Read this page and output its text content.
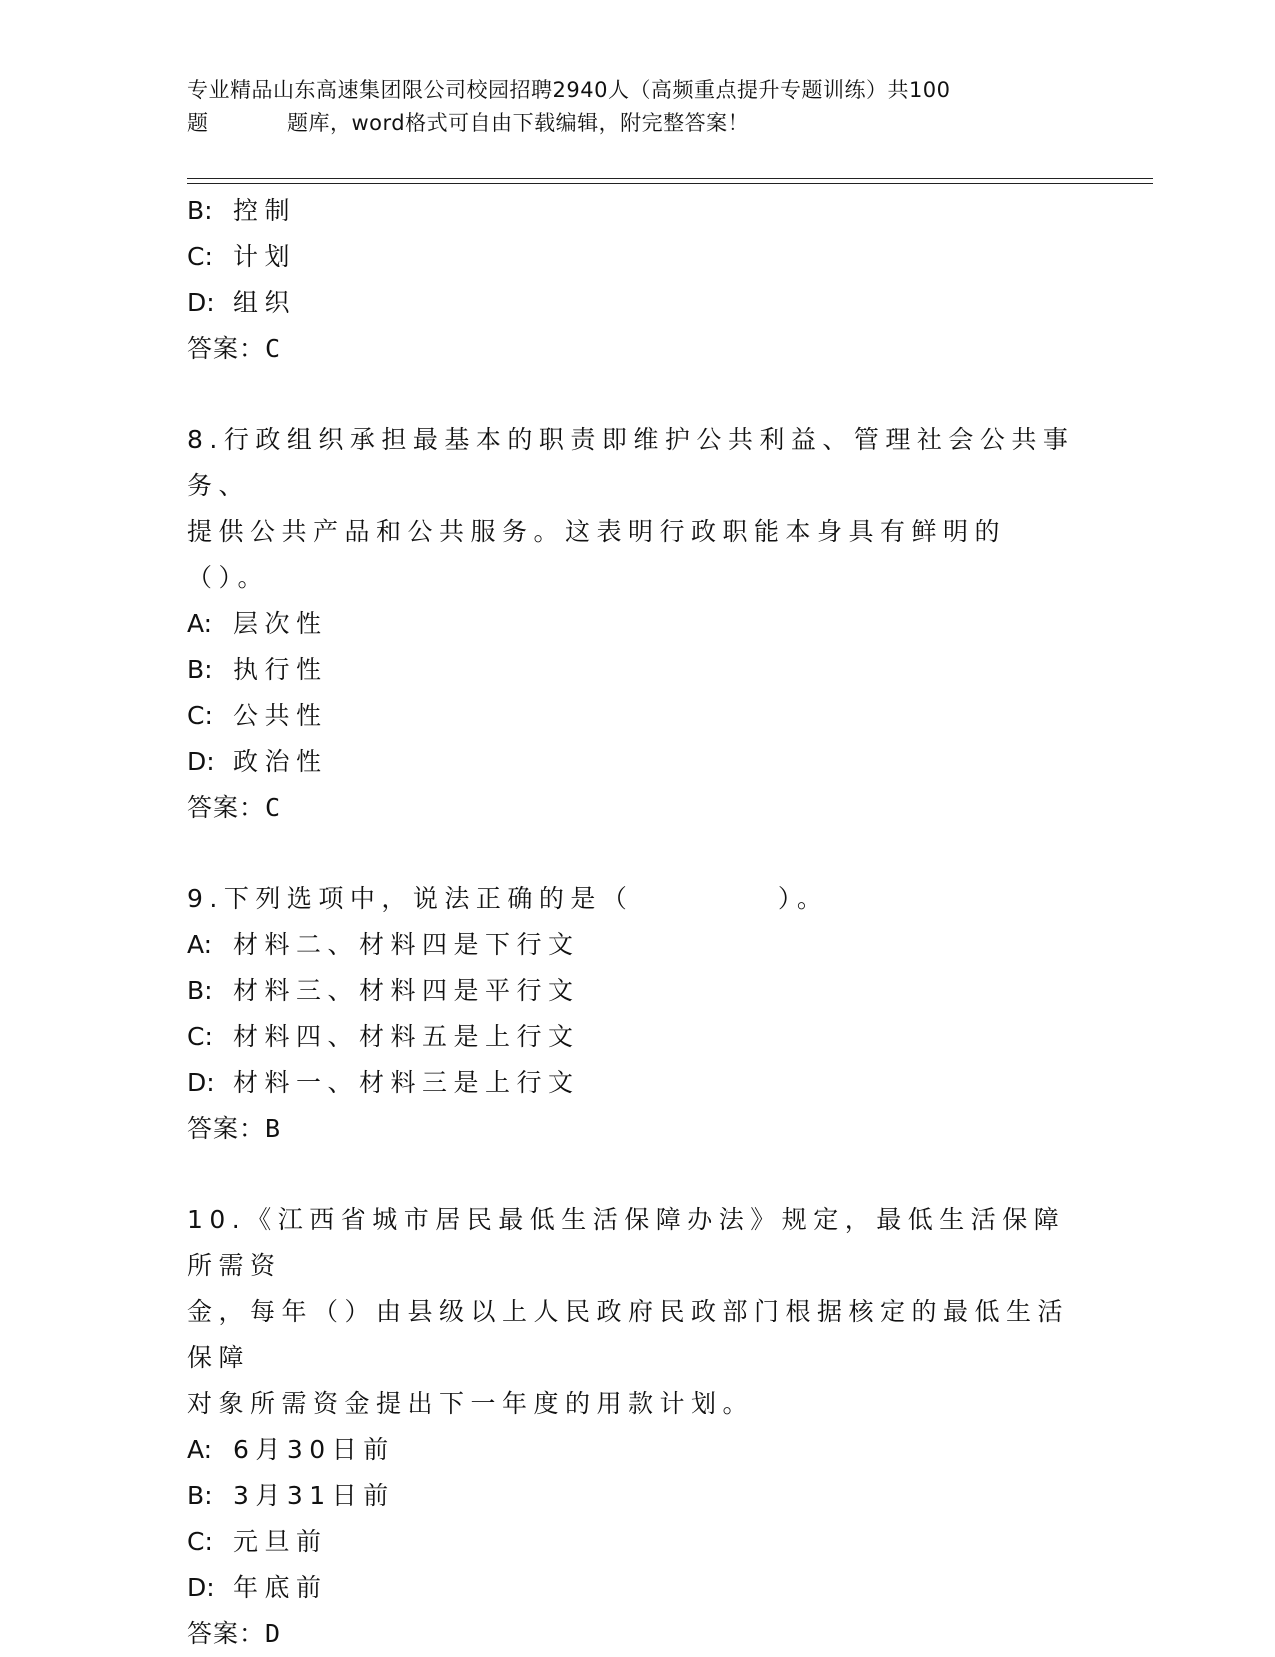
专业精品山东高速集团限公司校园招聘2940人（高频重点提升专题训练）共100
题	题库，word格式可自由下载编辑，附完整答案！
B: 控制
C: 计划
D: 组织
答案：C
8.行政组织承担最基本的职责即维护公共利益、管理社会公共事务、
提供公共产品和公共服务。这表明行政职能本身具有鲜明的（）。
A: 层次性
B: 执行性
C: 公共性
D: 政治性
答案：C
9.下列选项中，说法正确的是（          ）。
A: 材料二、材料四是下行文
B: 材料三、材料四是平行文
C: 材料四、材料五是上行文
D: 材料一、材料三是上行文
答案：B
10.《江西省城市居民最低生活保障办法》规定，最低生活保障所需资
金，每年（）由县级以上人民政府民政部门根据核定的最低生活保障
对象所需资金提出下一年度的用款计划。
A: 6月30日前
B: 3月31日前
C: 元旦前
D: 年底前
答案：D
